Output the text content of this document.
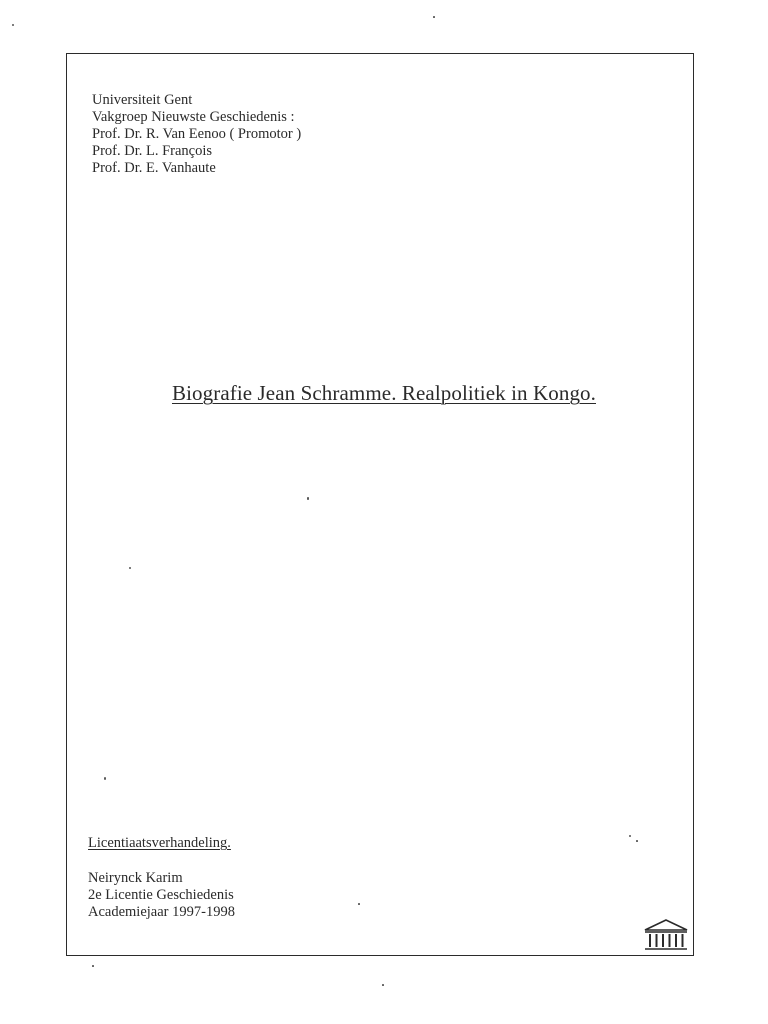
Universiteit Gent
Vakgroep Nieuwste Geschiedenis :
Prof. Dr. R. Van Eenoo ( Promotor )
Prof. Dr. L. François
Prof. Dr. E. Vanhaute
Biografie Jean Schramme. Realpolitiek in Kongo.
Licentiaatsverhandeling.
Neirynck Karim
2e Licentie Geschiedenis
Academiejaar 1997-1998
